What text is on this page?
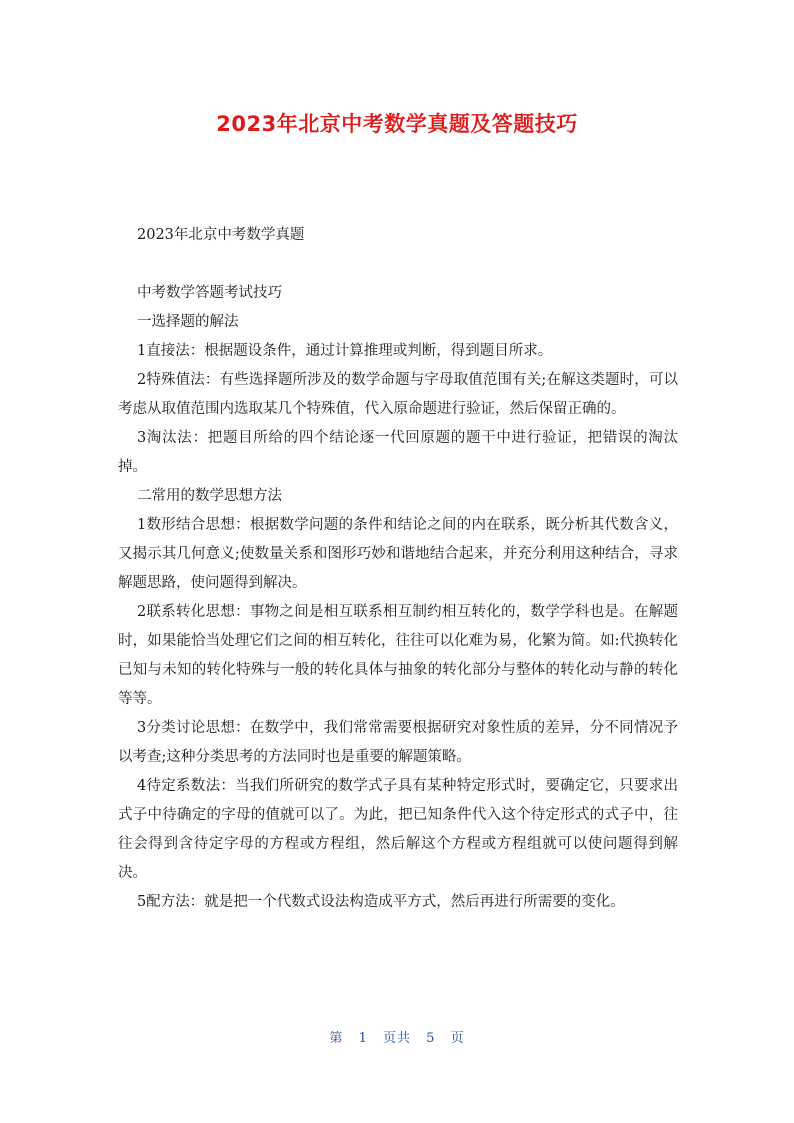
2023年北京中考数学真题及答题技巧

2023年北京中考数学真题

中考数学答题考试技巧

一选择题的解法

1直接法：根据题设条件，通过计算推理或判断，得到题目所求。

2特殊值法：有些选择题所涉及的数学命题与字母取值范围有关;在解这类题时，可以考虑从取值范围内选取某几个特殊值，代入原命题进行验证，然后保留正确的。

3淘汰法：把题目所给的四个结论逐一代回原题的题干中进行验证，把错误的淘汰掉。

二常用的数学思想方法

1数形结合思想：根据数学问题的条件和结论之间的内在联系，既分析其代数含义，又揭示其几何意义;使数量关系和图形巧妙和谐地结合起来，并充分利用这种结合，寻求解题思路，使问题得到解决。

2联系转化思想：事物之间是相互联系相互制约相互转化的，数学学科也是。在解题时，如果能恰当处理它们之间的相互转化，往往可以化难为易，化繁为简。如:代换转化已知与未知的转化特殊与一般的转化具体与抽象的转化部分与整体的转化动与静的转化等等。

3分类讨论思想：在数学中，我们常常需要根据研究对象性质的差异，分不同情况予以考查;这种分类思考的方法同时也是重要的解题策略。

4待定系数法：当我们所研究的数学式子具有某种特定形式时，要确定它，只要求出式子中待确定的字母的值就可以了。为此，把已知条件代入这个待定形式的式子中，往往会得到含待定字母的方程或方程组，然后解这个方程或方程组就可以使问题得到解决。

5配方法：就是把一个代数式设法构造成平方式，然后再进行所需要的变化。

第 1 页共 5 页
